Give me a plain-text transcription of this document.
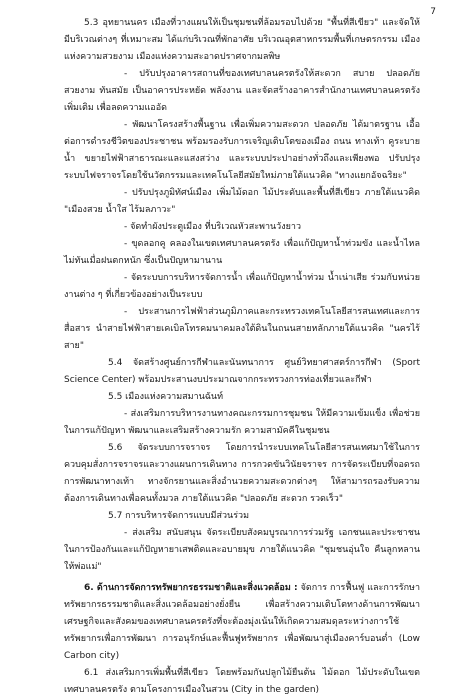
7

5.3 อุทยานนคร เมืองที่วางแผนให้เป็นชุมชนที่ล้อมรอบไปด้วย "พื้นที่สีเขียว" และจัดให้มีบริเวณต่างๆ ที่เหมาะสม ได้แก่บริเวณที่พักอาศัย บริเวณอุตสาหกรรมพื้นที่เกษตรกรรม เมืองแห่งความสวยงาม เมืองแห่งความสะอาดปราศจากมลพิษ

- ปรับปรุงอาคารสถานที่ของเทศบาลนครตรังให้สะดวก สบาย ปลอดภัย สวยงาม ทันสมัย เป็นอาคารประหยัด พลังงาน และจัดสร้างอาคารสำนักงานเทศบาลนครตรังเพิ่มเติม เพื่อลดความแออัด

- พัฒนาโครงสร้างพื้นฐาน เพื่อเพิ่มความสะดวก ปลอดภัย ได้มาตรฐาน เอื้อต่อการดำรงชีวิตของประชาชน พร้อมรองรับการเจริญเติบโตของเมือง ถนน ทางเท้า คูระบายน้ำ ขยายไฟฟ้าสาธารณะและแสงสว่าง และระบบประปาอย่างทั่วถึงและเพียงพอ ปรับปรุงระบบไฟจราจรโดยใช้นวัตกรรมและเทคโนโลยีสมัยใหม่ภายใต้แนวคิด "ทางแยกอัจฉริยะ"

- ปรับปรุงภูมิทัศน์เมือง เพิ่มไม้ดอก ไม้ประดับและพื้นที่สีเขียว ภายใต้แนวคิด "เมืองสวย น้ำใส ไร้มลภาวะ"

- จัดทำผังประตูเมือง ที่บริเวณหัวสะพานวังยาว

- ขุดลอกคู คลองในเขตเทศบาลนครตรัง เพื่อแก้ปัญหาน้ำท่วมขัง และน้ำไหลไม่ทันเมื่อฝนตกหนัก ซึ่งเป็นปัญหามานาน

- จัดระบบการบริหารจัดการน้ำ เพื่อแก้ปัญหาน้ำท่วม น้ำเน่าเสีย ร่วมกับหน่วยงานต่าง ๆ ที่เกี่ยวข้องอย่างเป็นระบบ

- ประสานการไฟฟ้าส่วนภูมิภาคและกระทรวงเทคโนโลยีสารสนเทศและการสื่อสาร นำสายไฟฟ้าสายเคเบิลโทรคมนาคมลงใต้ดินในถนนสายหลักภายใต้แนวคิด "นครไร้สาย"

5.4 จัดสร้างศูนย์การกีฬาและนันทนาการ ศูนย์วิทยาศาสตร์การกีฬา (Sport Science Center) พร้อมประสานงบประมาณจากกระทรวงการท่องเที่ยวและกีฬา

5.5 เมืองแห่งความสมานฉันท์

- ส่งเสริมการบริหารงานทางคณะกรรมการชุมชน ให้มีความเข้มแข็ง เพื่อช่วยในการแก้ปัญหา พัฒนาและเสริมสร้างความรัก ความสามัคคีในชุมชน

5.6 จัดระบบการจราจร โดยการนำระบบเทคโนโลยีสารสนเทศมาใช้ในการควบคุมสั่งการจราจรและวางแผนการเดินทาง การกวดขันวินัยจราจร การจัดระเบียบที่จอดรถ การพัฒนาทางเท้า ทางจักรยานและสิ่งอำนวยความสะดวกต่างๆ ให้สามารถรองรับความต้องการเดินทางเพื่อคนทั้งมวล ภายใต้แนวคิด "ปลอดภัย สะดวก รวดเร็ว"

5.7 การบริหารจัดการแบบมีส่วนร่วม

- ส่งเสริม สนับสนุน จัดระเบียบสังคมบูรณาการร่วมรัฐ เอกชนและประชาชนในการป้องกันและแก้ปัญหายาเสพติดและอบายมุข ภายใต้แนวคิด "ชุมชนอุ่นใจ คืนลูกหลานให้พ่อแม่"

6. ด้านการจัดการทรัพยากรธรรมชาติและสิ่งแวดล้อม : จัดการ การฟื้นฟู และการรักษาทรัพยากรธรรมชาติและสิ่งแวดล้อมอย่างยั่งยืน เพื่อสร้างความเติบโตทางด้านการพัฒนาเศรษฐกิจและสังคมของเทศบาลนครตรังที่จะต้องมุ่งเน้นให้เกิดความสมดุลระหว่างการใช้ทรัพยากรเพื่อการพัฒนา การอนุรักษ์และฟื้นฟูทรัพยากร เพื่อพัฒนาสู่เมืองคาร์บอนต่ำ (Low Carbon city)

6.1 ส่งเสริมการเพิ่มพื้นที่สีเขียว โดยพร้อมกันปลูกไม้ยืนต้น ไม้ดอก ไม้ประดับในเขตเทศบาลนครตรัง ตามโครงการเมืองในสวน (City in the garden)
